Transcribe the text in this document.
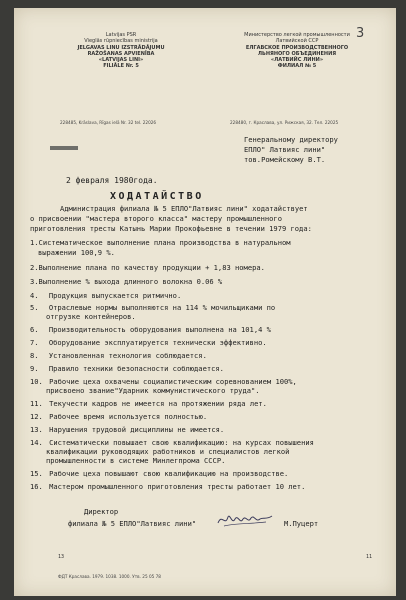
3
Latvijas PSR
Vieglās rūpniecības ministrija
JELGAVAS LINU IZSTRĀDĀJUMU
RAŽOŠANAS APVIENĪBA
«LATVIJAS LINI»
FILIĀLE Nr. 5
Министерство легкой промышленности
Латвийской ССР
ЕЛГАВСКОЕ ПРОИЗВОДСТВЕННОГО
ЛЬНЯНОГО ОБЪЕДИНЕНИЯ
«ЛАТВИЙС ЛИНИ»
ФИЛИАЛ № 5
228485, Krāslava, Rīgas ielā Nr. 32 tel. 22026	228480, г. Краслава, ул. Рижская, 32. Тел. 22025
Генеральному директору
ЕПЛО" Латвияс лини"
тов.Ромейскому В.Т.
2 февраля 1980года.
ХОДАТАЙСТВО
Администрация филиала № 5 ЕПЛО"Латвияс лини" ходатайствует
о присвоении "мастера второго класса" мастеру промышленного
приготовления тресты Катынь Марии Прокофьевне в течении 1979 года:
1.Систематическое выполнение плана производства в натуральном
выражении 100,9 %.
2.Выполнение плана по качеству продукции + 1,83 номера.
3.Выполнение % выхода длинного волокна 0.06 %
4. Продукция выпускается ритмично.
5. Отраслевые нормы выполняются на 114 % мочильщиками по
отгрузке контейнеров.
6. Производительность оборудования выполнена на 101,4 %
7. Оборудование эксплуатируется технически эффективно.
8. Установленная технология соблюдается.
9. Правило техники безопасности соблюдается.
10. Рабочие цеха охвачены социалистическим соревнованием 100%,
присвоено звание"Ударник коммунистического труда".
11. Текучести кадров не имеется на протяжении ряда лет.
12. Рабочее время используется полностью.
13. Нарушения трудовой дисциплины не имеется.
14. Систематически повышает свою квалификацию: на курсах повышения
квалификации руководящих работников и специалистов легкой
промышленности в системе Минлегпрома СССР.
15. Рабочие цеха повышают свою квалификацию на производстве.
16. Мастером промышленного приготовления тресты работает 10 лет.
Директор
филиала № 5 ЕПЛО"Латвияс лини"	М.Пуцерт
13	11
ФДТ Краслава. 1979. 1038. 1000. Утв. 25 05 78
